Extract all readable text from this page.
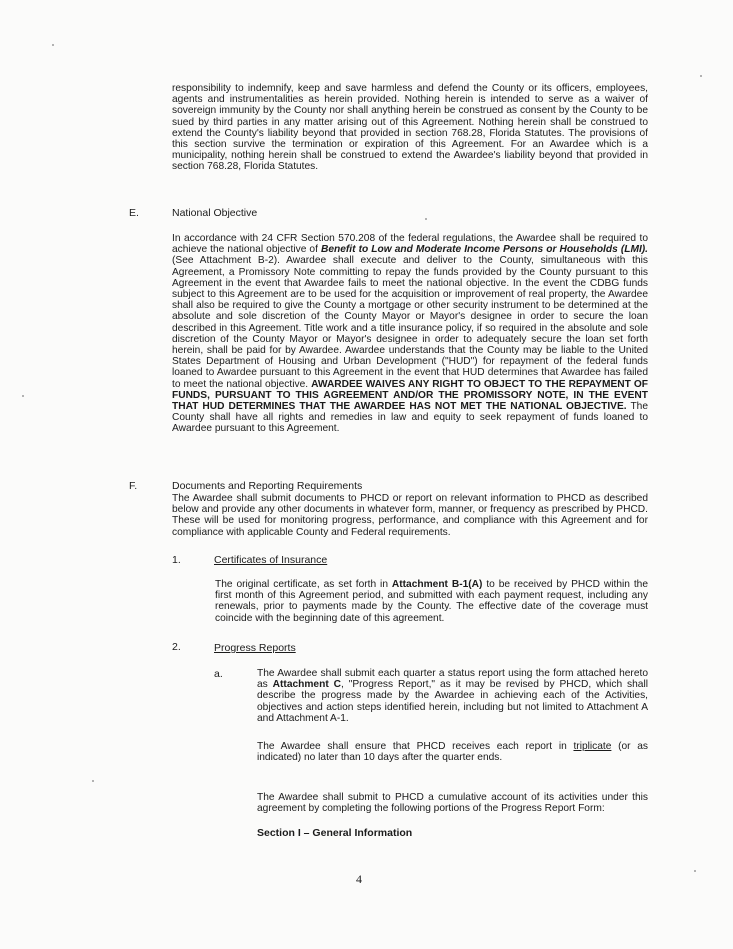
responsibility to indemnify, keep and save harmless and defend the County or its officers, employees, agents and instrumentalities as herein provided. Nothing herein is intended to serve as a waiver of sovereign immunity by the County nor shall anything herein be construed as consent by the County to be sued by third parties in any matter arising out of this Agreement. Nothing herein shall be construed to extend the County's liability beyond that provided in section 768.28, Florida Statutes. The provisions of this section survive the termination or expiration of this Agreement. For an Awardee which is a municipality, nothing herein shall be construed to extend the Awardee's liability beyond that provided in section 768.28, Florida Statutes.

E.	National Objective

In accordance with 24 CFR Section 570.208 of the federal regulations, the Awardee shall be required to achieve the national objective of Benefit to Low and Moderate Income Persons or Households (LMI). (See Attachment B-2). Awardee shall execute and deliver to the County, simultaneous with this Agreement, a Promissory Note committing to repay the funds provided by the County pursuant to this Agreement in the event that Awardee fails to meet the national objective. In the event the CDBG funds subject to this Agreement are to be used for the acquisition or improvement of real property, the Awardee shall also be required to give the County a mortgage or other security instrument to be determined at the absolute and sole discretion of the County Mayor or Mayor's designee in order to secure the loan described in this Agreement. Title work and a title insurance policy, if so required in the absolute and sole discretion of the County Mayor or Mayor's designee in order to adequately secure the loan set forth herein, shall be paid for by Awardee. Awardee understands that the County may be liable to the United States Department of Housing and Urban Development ("HUD") for repayment of the federal funds loaned to Awardee pursuant to this Agreement in the event that HUD determines that Awardee has failed to meet the national objective. AWARDEE WAIVES ANY RIGHT TO OBJECT TO THE REPAYMENT OF FUNDS, PURSUANT TO THIS AGREEMENT AND/OR THE PROMISSORY NOTE, IN THE EVENT THAT HUD DETERMINES THAT THE AWARDEE HAS NOT MET THE NATIONAL OBJECTIVE. The County shall have all rights and remedies in law and equity to seek repayment of funds loaned to Awardee pursuant to this Agreement.

F.	Documents and Reporting Requirements

The Awardee shall submit documents to PHCD or report on relevant information to PHCD as described below and provide any other documents in whatever form, manner, or frequency as prescribed by PHCD. These will be used for monitoring progress, performance, and compliance with this Agreement and for compliance with applicable County and Federal requirements.

1.	Certificates of Insurance

The original certificate, as set forth in Attachment B-1(A) to be received by PHCD within the first month of this Agreement period, and submitted with each payment request, including any renewals, prior to payments made by the County. The effective date of the coverage must coincide with the beginning date of this agreement.

2.	Progress Reports
a.	The Awardee shall submit each quarter a status report using the form attached hereto as Attachment C, "Progress Report," as it may be revised by PHCD, which shall describe the progress made by the Awardee in achieving each of the Activities, objectives and action steps identified herein, including but not limited to Attachment A and Attachment A-1.

The Awardee shall ensure that PHCD receives each report in triplicate (or as indicated) no later than 10 days after the quarter ends.

The Awardee shall submit to PHCD a cumulative account of its activities under this agreement by completing the following portions of the Progress Report Form:

Section I – General Information
4
